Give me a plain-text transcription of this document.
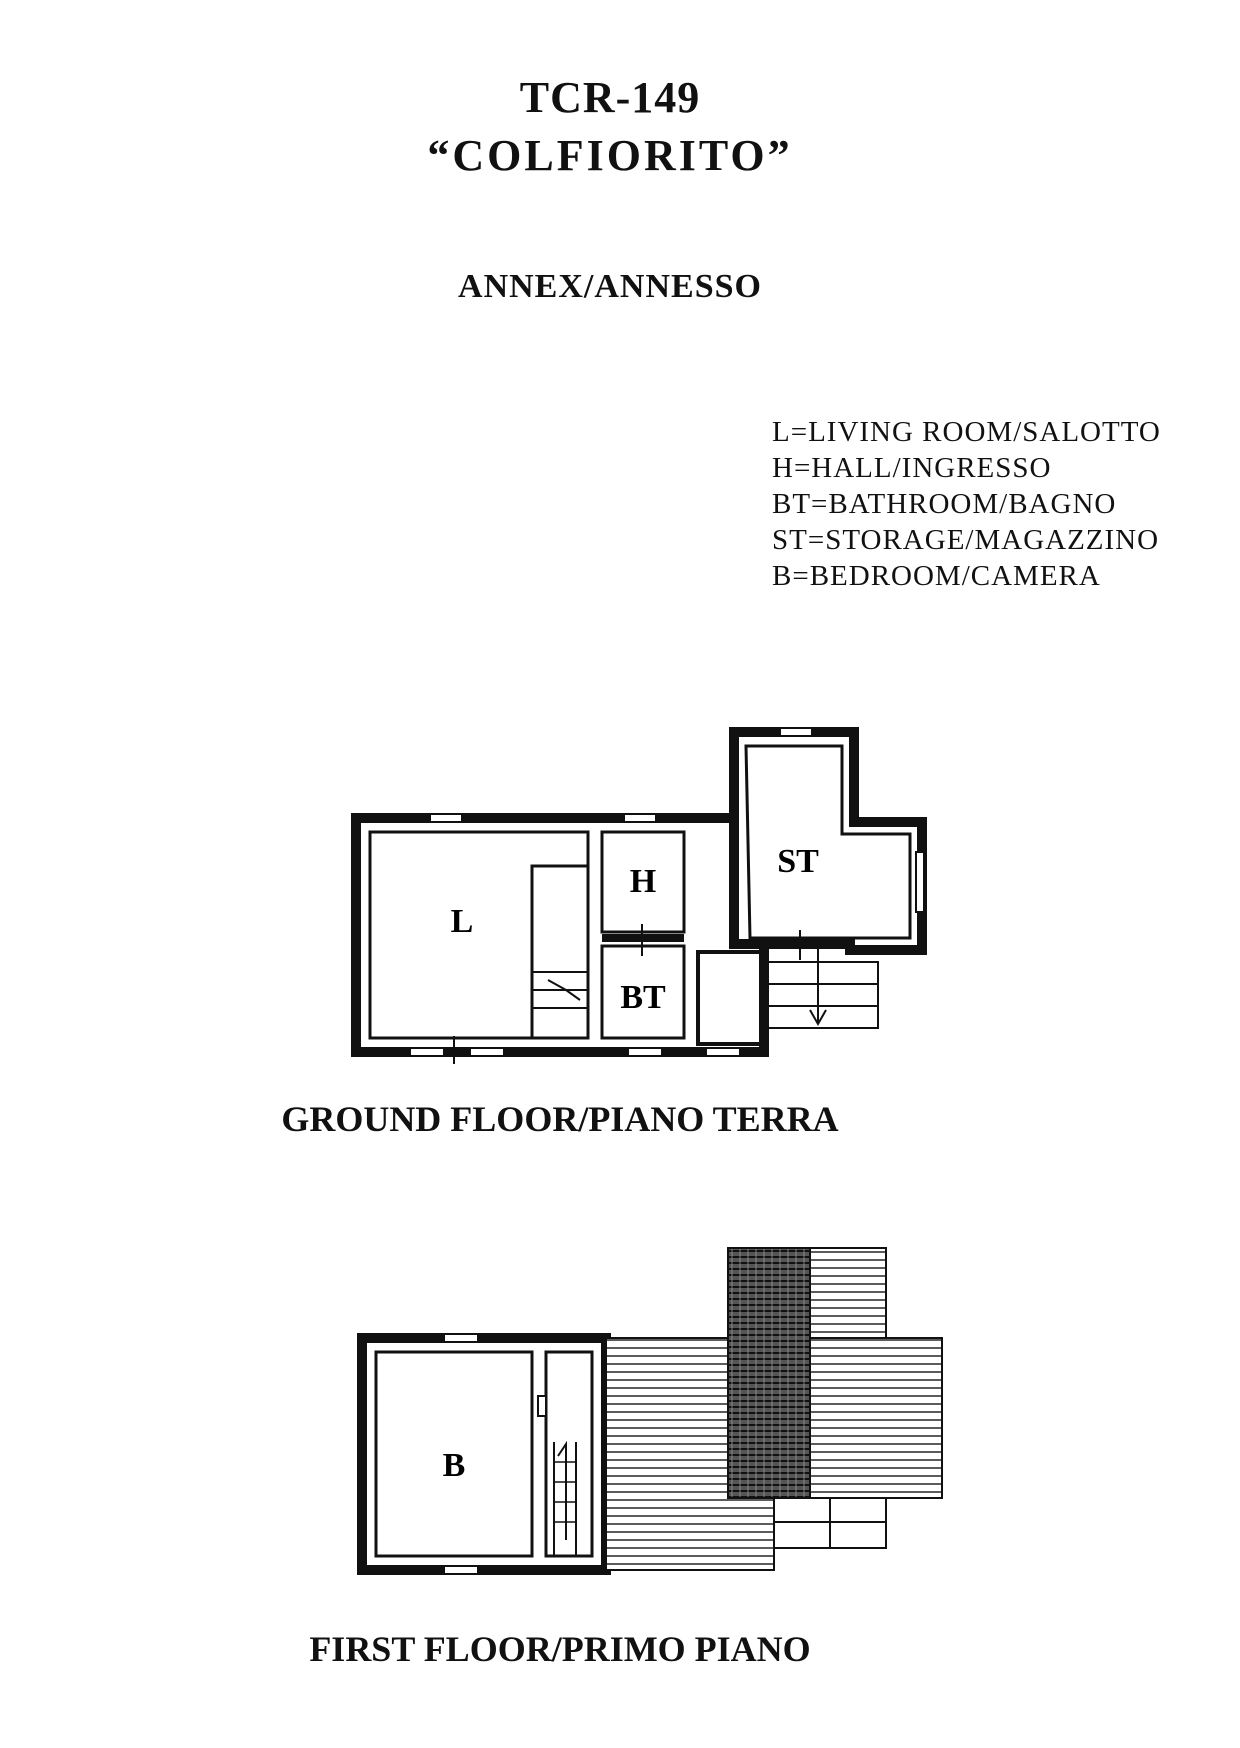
TCR-149
“COLFIORITO”
ANNEX/ANNESSO
L=LIVING ROOM/SALOTTO
H=HALL/INGRESSO
BT=BATHROOM/BAGNO
ST=STORAGE/MAGAZZINO
B=BEDROOM/CAMERA
L
H
BT
ST
B
GROUND FLOOR/PIANO TERRA
FIRST FLOOR/PRIMO PIANO
